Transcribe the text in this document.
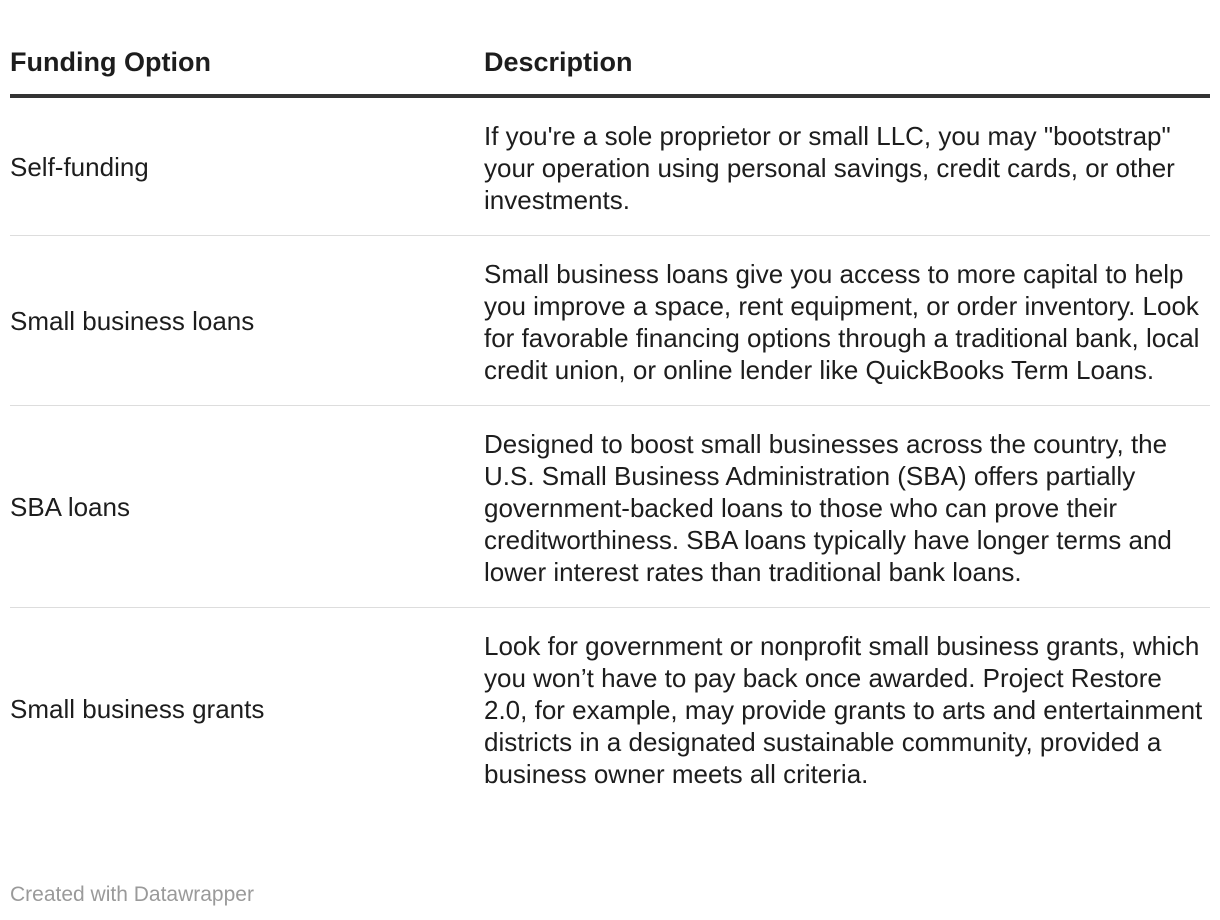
Funding Option	Description
Self-funding	If you're a sole proprietor or small LLC, you may "bootstrap" your operation using personal savings, credit cards, or other investments.
Small business loans	Small business loans give you access to more capital to help you improve a space, rent equipment, or order inventory. Look for favorable financing options through a traditional bank, local credit union, or online lender like QuickBooks Term Loans.
SBA loans	Designed to boost small businesses across the country, the U.S. Small Business Administration (SBA) offers partially government-backed loans to those who can prove their creditworthiness. SBA loans typically have longer terms and lower interest rates than traditional bank loans.
Small business grants	Look for government or nonprofit small business grants, which you won’t have to pay back once awarded. Project Restore 2.0, for example, may provide grants to arts and entertainment districts in a designated sustainable community, provided a business owner meets all criteria.
Created with Datawrapper
